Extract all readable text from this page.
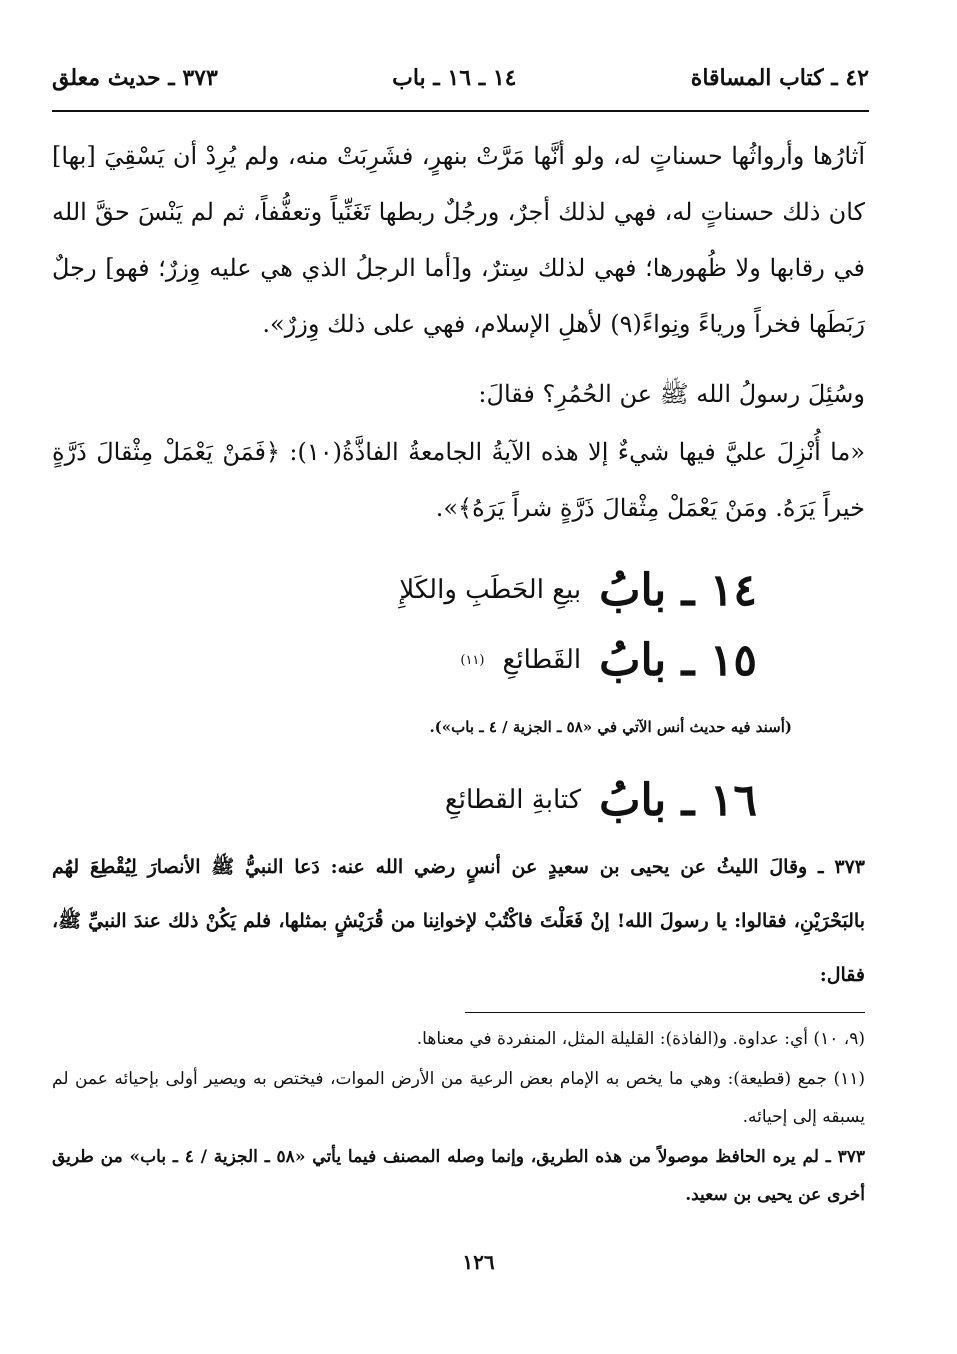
٤٢ ـ كتاب المساقاة
١٤ ـ ١٦ ـ باب
٣٧٣ ـ حديث معلق
آثارُها وأرواثُها حسناتٍ له، ولو أنَّها مَرَّتْ بنهرٍ، فشَرِبَتْ منه، ولم يُرِدْ أن يَسْقِيَ [بها] كان ذلك حسناتٍ له، فهي لذلك أجرٌ، ورجُلٌ ربطها تَغَنِّياً وتعفُّفاً، ثم لم يَنْسَ حقَّ الله في رقابها ولا ظُهورها؛ فهي لذلك سِترٌ، و[أما الرجلُ الذي هي عليه وِزرٌ؛ فهو] رجلٌ رَبَطَها فخراً ورياءً ونِواءً(٩) لأهلِ الإسلام، فهي على ذلك وِزرٌ».
وسُئِلَ رسولُ الله ﷺ عن الحُمُرِ؟ فقالَ:
«ما أُنْزِلَ عليَّ فيها شيءٌ إلا هذه الآيةُ الجامعةُ الفاذَّةُ(١٠): ﴿فَمَنْ يَعْمَلْ مِثْقالَ ذَرَّةٍ خيراً يَرَهُ. ومَنْ يَعْمَلْ مِثْقالَ ذَرَّةٍ شراً يَرَهُ﴾».
١٤ ـ بابُ
بيعِ الحَطَبِ والكَلإِ
١٥ ـ بابُ
القَطائعِ
(١١)
(أسند فيه حديث أنس الآتي في «٥٨ ـ الجزية / ٤ ـ باب»).
١٦ ـ بابُ
كتابةِ القطائعِ
٣٧٣ ـ وقالَ الليثُ عن يحيى بن سعيدٍ عن أنسٍ رضي الله عنه: دَعا النبيُّ ﷺ الأنصارَ لِيُقْطِعَ لهُم بالبَحْرَيْنِ، فقالوا: يا رسولَ الله! إنْ فَعَلْتَ فاكْتُبْ لإخوانِنا من قُرَيْشٍ بمثلها، فلم يَكُنْ ذلك عندَ النبيِّ ﷺ، فقال:
(٩، ١٠) أي: عداوة. و(الفاذة): القليلة المثل، المنفردة في معناها.
(١١) جمع (قطيعة): وهي ما يخص به الإمام بعض الرعية من الأرض الموات، فيختص به ويصير أولى بإحيائه عمن لم يسبقه إلى إحيائه.
٣٧٣ ـ لم يره الحافظ موصولاً من هذه الطريق، وإنما وصله المصنف فيما يأتي «٥٨ ـ الجزية / ٤ ـ باب» من طريق أخرى عن يحيى بن سعيد.
١٢٦
